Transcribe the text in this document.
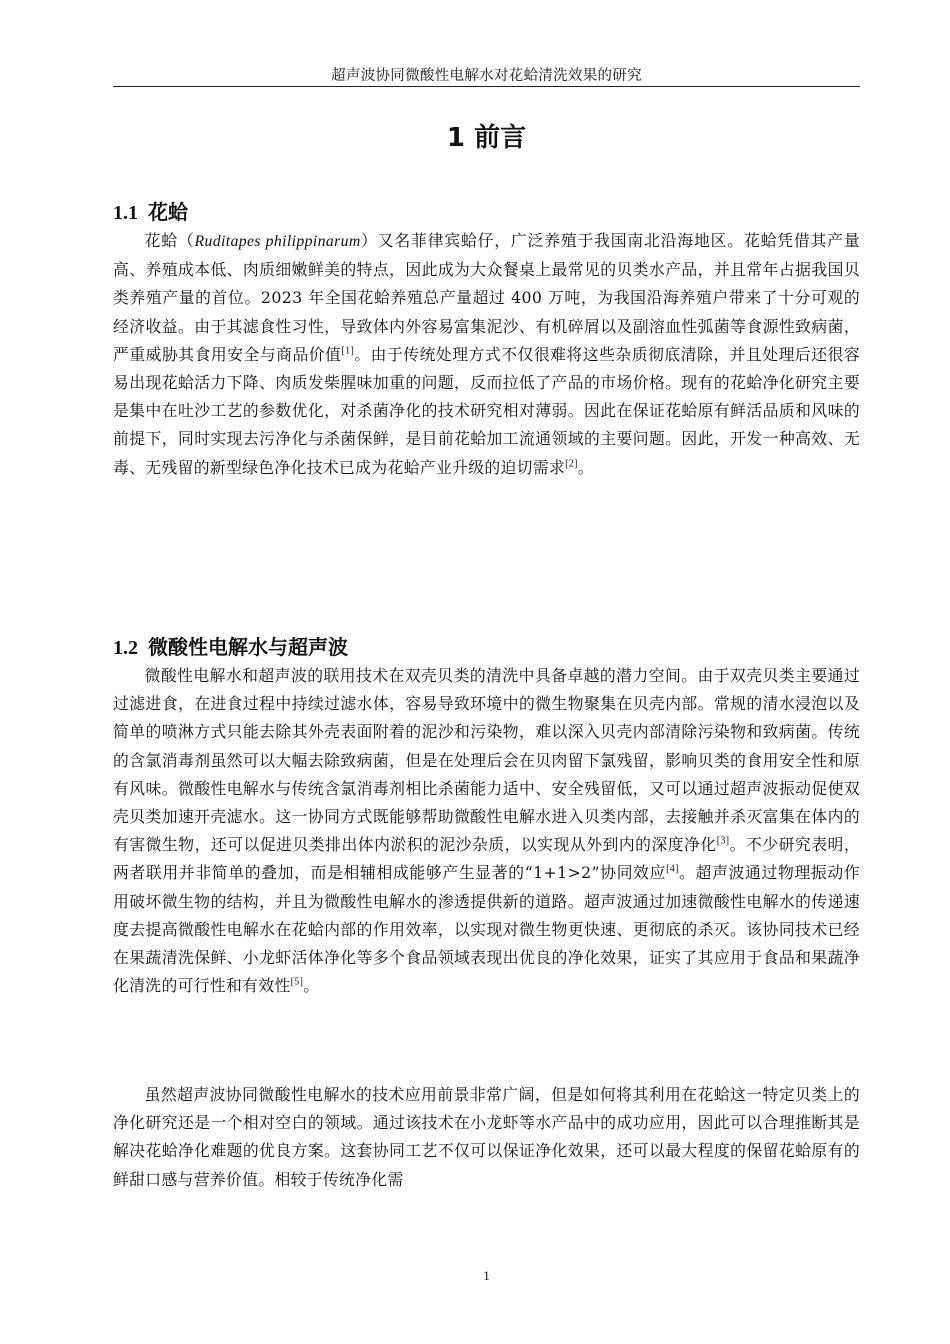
超声波协同微酸性电解水对花蛤清洗效果的研究
1 前言
1.1 花蛤

花蛤（Ruditapes philippinarum）又名菲律宾蛤仔，广泛养殖于我国南北沿海地区。花蛤凭借其产量高、养殖成本低、肉质细嫩鲜美的特点，因此成为大众餐桌上最常见的贝类水产品，并且常年占据我国贝类养殖产量的首位。2023 年全国花蛤养殖总产量超过 400 万吨，为我国沿海养殖户带来了十分可观的经济收益。由于其滤食性习性，导致体内外容易富集泥沙、有机碎屑以及副溶血性弧菌等食源性致病菌，严重威胁其食用安全与商品价值[1]。由于传统处理方式不仅很难将这些杂质彻底清除，并且处理后还很容易出现花蛤活力下降、肉质发柴腥味加重的问题，反而拉低了产品的市场价格。现有的花蛤净化研究主要是集中在吐沙工艺的参数优化，对杀菌净化的技术研究相对薄弱。因此在保证花蛤原有鲜活品质和风味的前提下，同时实现去污净化与杀菌保鲜，是目前花蛤加工流通领域的主要问题。因此，开发一种高效、无毒、无残留的新型绿色净化技术已成为花蛤产业升级的迫切需求[2]。

1.2 微酸性电解水与超声波

微酸性电解水和超声波的联用技术在双壳贝类的清洗中具备卓越的潜力空间。由于双壳贝类主要通过过滤进食，在进食过程中持续过滤水体，容易导致环境中的微生物聚集在贝壳内部。常规的清水浸泡以及简单的喷淋方式只能去除其外壳表面附着的泥沙和污染物，难以深入贝壳内部清除污染物和致病菌。传统的含氯消毒剂虽然可以大幅去除致病菌，但是在处理后会在贝肉留下氯残留，影响贝类的食用安全性和原有风味。微酸性电解水与传统含氯消毒剂相比杀菌能力适中、安全残留低，又可以通过超声波振动促使双壳贝类加速开壳滤水。这一协同方式既能够帮助微酸性电解水进入贝类内部，去接触并杀灭富集在体内的有害微生物，还可以促进贝类排出体内淤积的泥沙杂质，以实现从外到内的深度净化[3]。不少研究表明，两者联用并非简单的叠加，而是相辅相成能够产生显著的“1+1>2”协同效应[4]。超声波通过物理振动作用破坏微生物的结构，并且为微酸性电解水的渗透提供新的道路。超声波通过加速微酸性电解水的传递速度去提高微酸性电解水在花蛤内部的作用效率，以实现对微生物更快速、更彻底的杀灭。该协同技术已经在果蔬清洗保鲜、小龙虾活体净化等多个食品领域表现出优良的净化效果，证实了其应用于食品和果蔬净化清洗的可行性和有效性[5]。

虽然超声波协同微酸性电解水的技术应用前景非常广阔，但是如何将其利用在花蛤这一特定贝类上的净化研究还是一个相对空白的领域。通过该技术在小龙虾等水产品中的成功应用，因此可以合理推断其是解决花蛤净化难题的优良方案。这套协同工艺不仅可以保证净化效果，还可以最大程度的保留花蛤原有的鲜甜口感与营养价值。相较于传统净化需

1
